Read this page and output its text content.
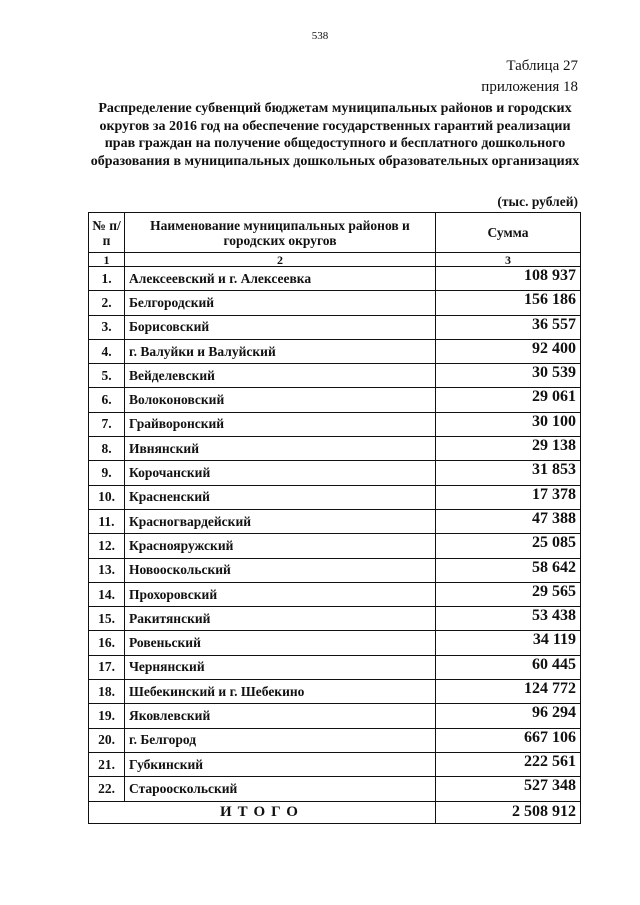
538
Таблица 27
приложения 18
Распределение субвенций бюджетам муниципальных районов и городских округов за 2016 год на обеспечение государственных гарантий реализации прав граждан на получение общедоступного и бесплатного дошкольного образования в муниципальных дошкольных образовательных организациях
(тыс. рублей)
№ п/п	Наименование муниципальных районов и городских округов	Сумма
1	2	3
1.	Алексеевский и г. Алексеевка	108 937
2.	Белгородский	156 186
3.	Борисовский	36 557
4.	г. Валуйки и Валуйский	92 400
5.	Вейделевский	30 539
6.	Волоконовский	29 061
7.	Грайворонский	30 100
8.	Ивнянский	29 138
9.	Корочанский	31 853
10.	Красненский	17 378
11.	Красногвардейский	47 388
12.	Краснояружский	25 085
13.	Новооскольский	58 642
14.	Прохоровский	29 565
15.	Ракитянский	53 438
16.	Ровеньский	34 119
17.	Чернянский	60 445
18.	Шебекинский и г. Шебекино	124 772
19.	Яковлевский	96 294
20.	г. Белгород	667 106
21.	Губкинский	222 561
22.	Старооскольский	527 348
ИТОГО		2 508 912
